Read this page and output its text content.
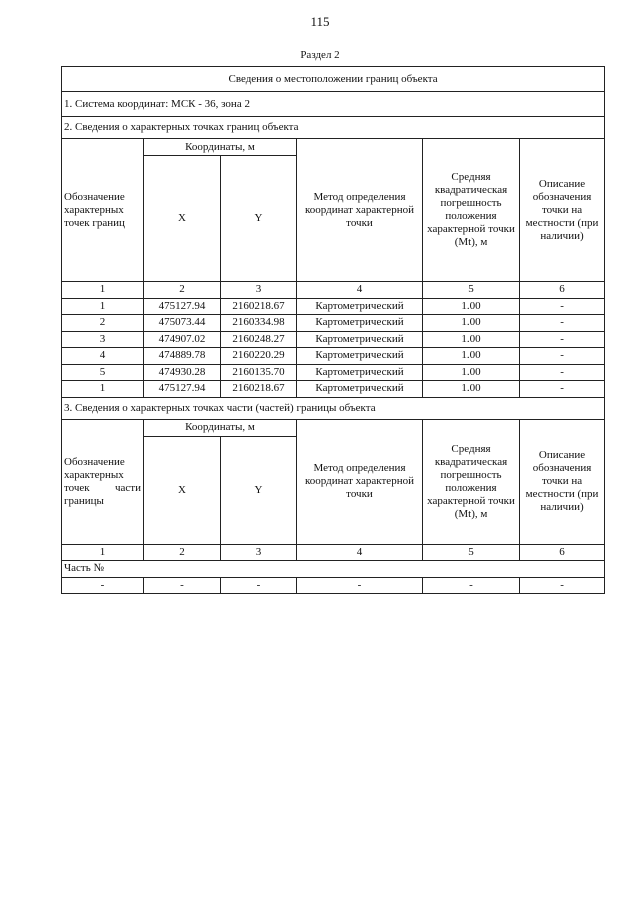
115
Раздел 2
Сведения о местоположении границ объекта					
1. Система координат: МСК - 36, зона 2					
2. Сведения о характерных точках границ объекта					
Обозначение характерных точек границ	Координаты, м		Метод определения координат характерной точки	Средняя квадратическая погрешность положения характерной точки (Mt), м	Описание обозначения точки на местности (при наличии)
	X	Y			
1	2	3	4	5	6
1	475127.94	2160218.67	Картометрический	1.00	-
2	475073.44	2160334.98	Картометрический	1.00	-
3	474907.02	2160248.27	Картометрический	1.00	-
4	474889.78	2160220.29	Картометрический	1.00	-
5	474930.28	2160135.70	Картометрический	1.00	-
1	475127.94	2160218.67	Картометрический	1.00	-
3. Сведения о характерных точках части (частей) границы объекта					
Обозначение характерных точек части границы	Координаты, м		Метод определения координат характерной точки	Средняя квадратическая погрешность положения характерной точки (Mt), м	Описание обозначения точки на местности (при наличии)
	X	Y			
1	2	3	4	5	6
Часть №					
-	-	-	-	-	-
